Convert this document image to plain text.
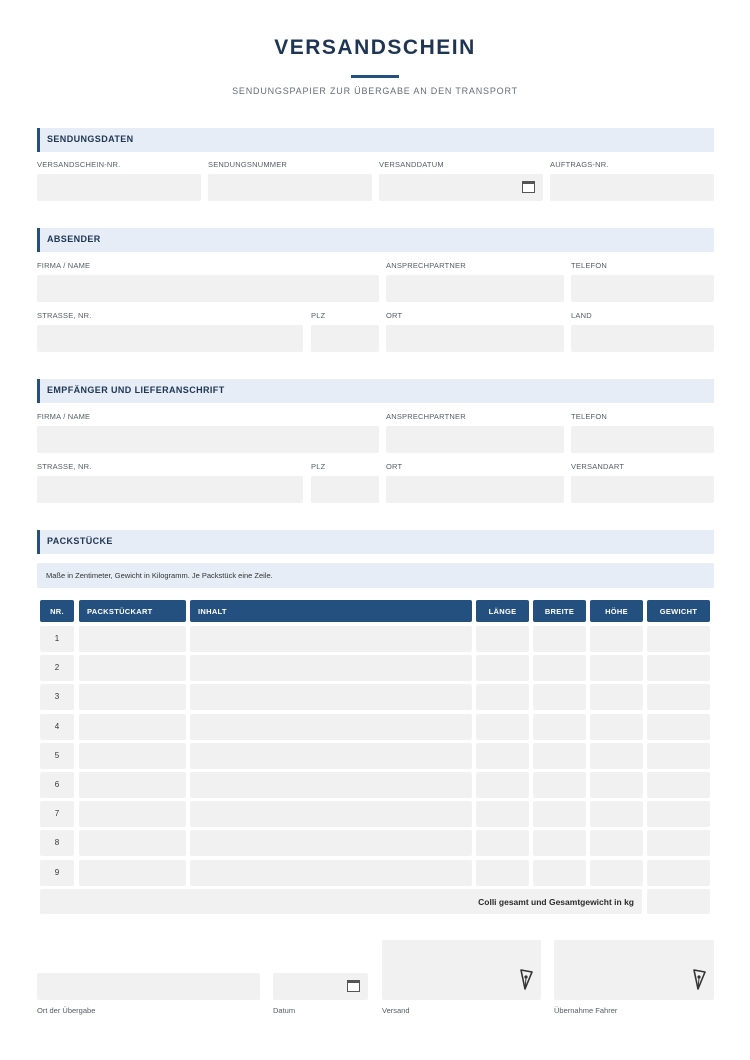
VERSANDSCHEIN
SENDUNGSPAPIER ZUR ÜBERGABE AN DEN TRANSPORT
SENDUNGSDATEN
VERSANDSCHEIN-NR.	SENDUNGSNUMMER	VERSANDDATUM	AUFTRAGS-NR.
ABSENDER
FIRMA / NAME	ANSPRECHPARTNER	TELEFON
STRASSE, NR.	PLZ	ORT	LAND
EMPFÄNGER UND LIEFERANSCHRIFT
FIRMA / NAME	ANSPRECHPARTNER	TELEFON
STRASSE, NR.	PLZ	ORT	VERSANDART
PACKSTÜCKE
Maße in Zentimeter, Gewicht in Kilogramm. Je Packstück eine Zeile.
NR.	PACKSTÜCKART	INHALT	LÄNGE	BREITE	HÖHE	GEWICHT
1
2
3
4
5
6
7
8
9
Colli gesamt und Gesamtgewicht in kg
Ort der Übergabe	Datum	Versand	Übernahme Fahrer
